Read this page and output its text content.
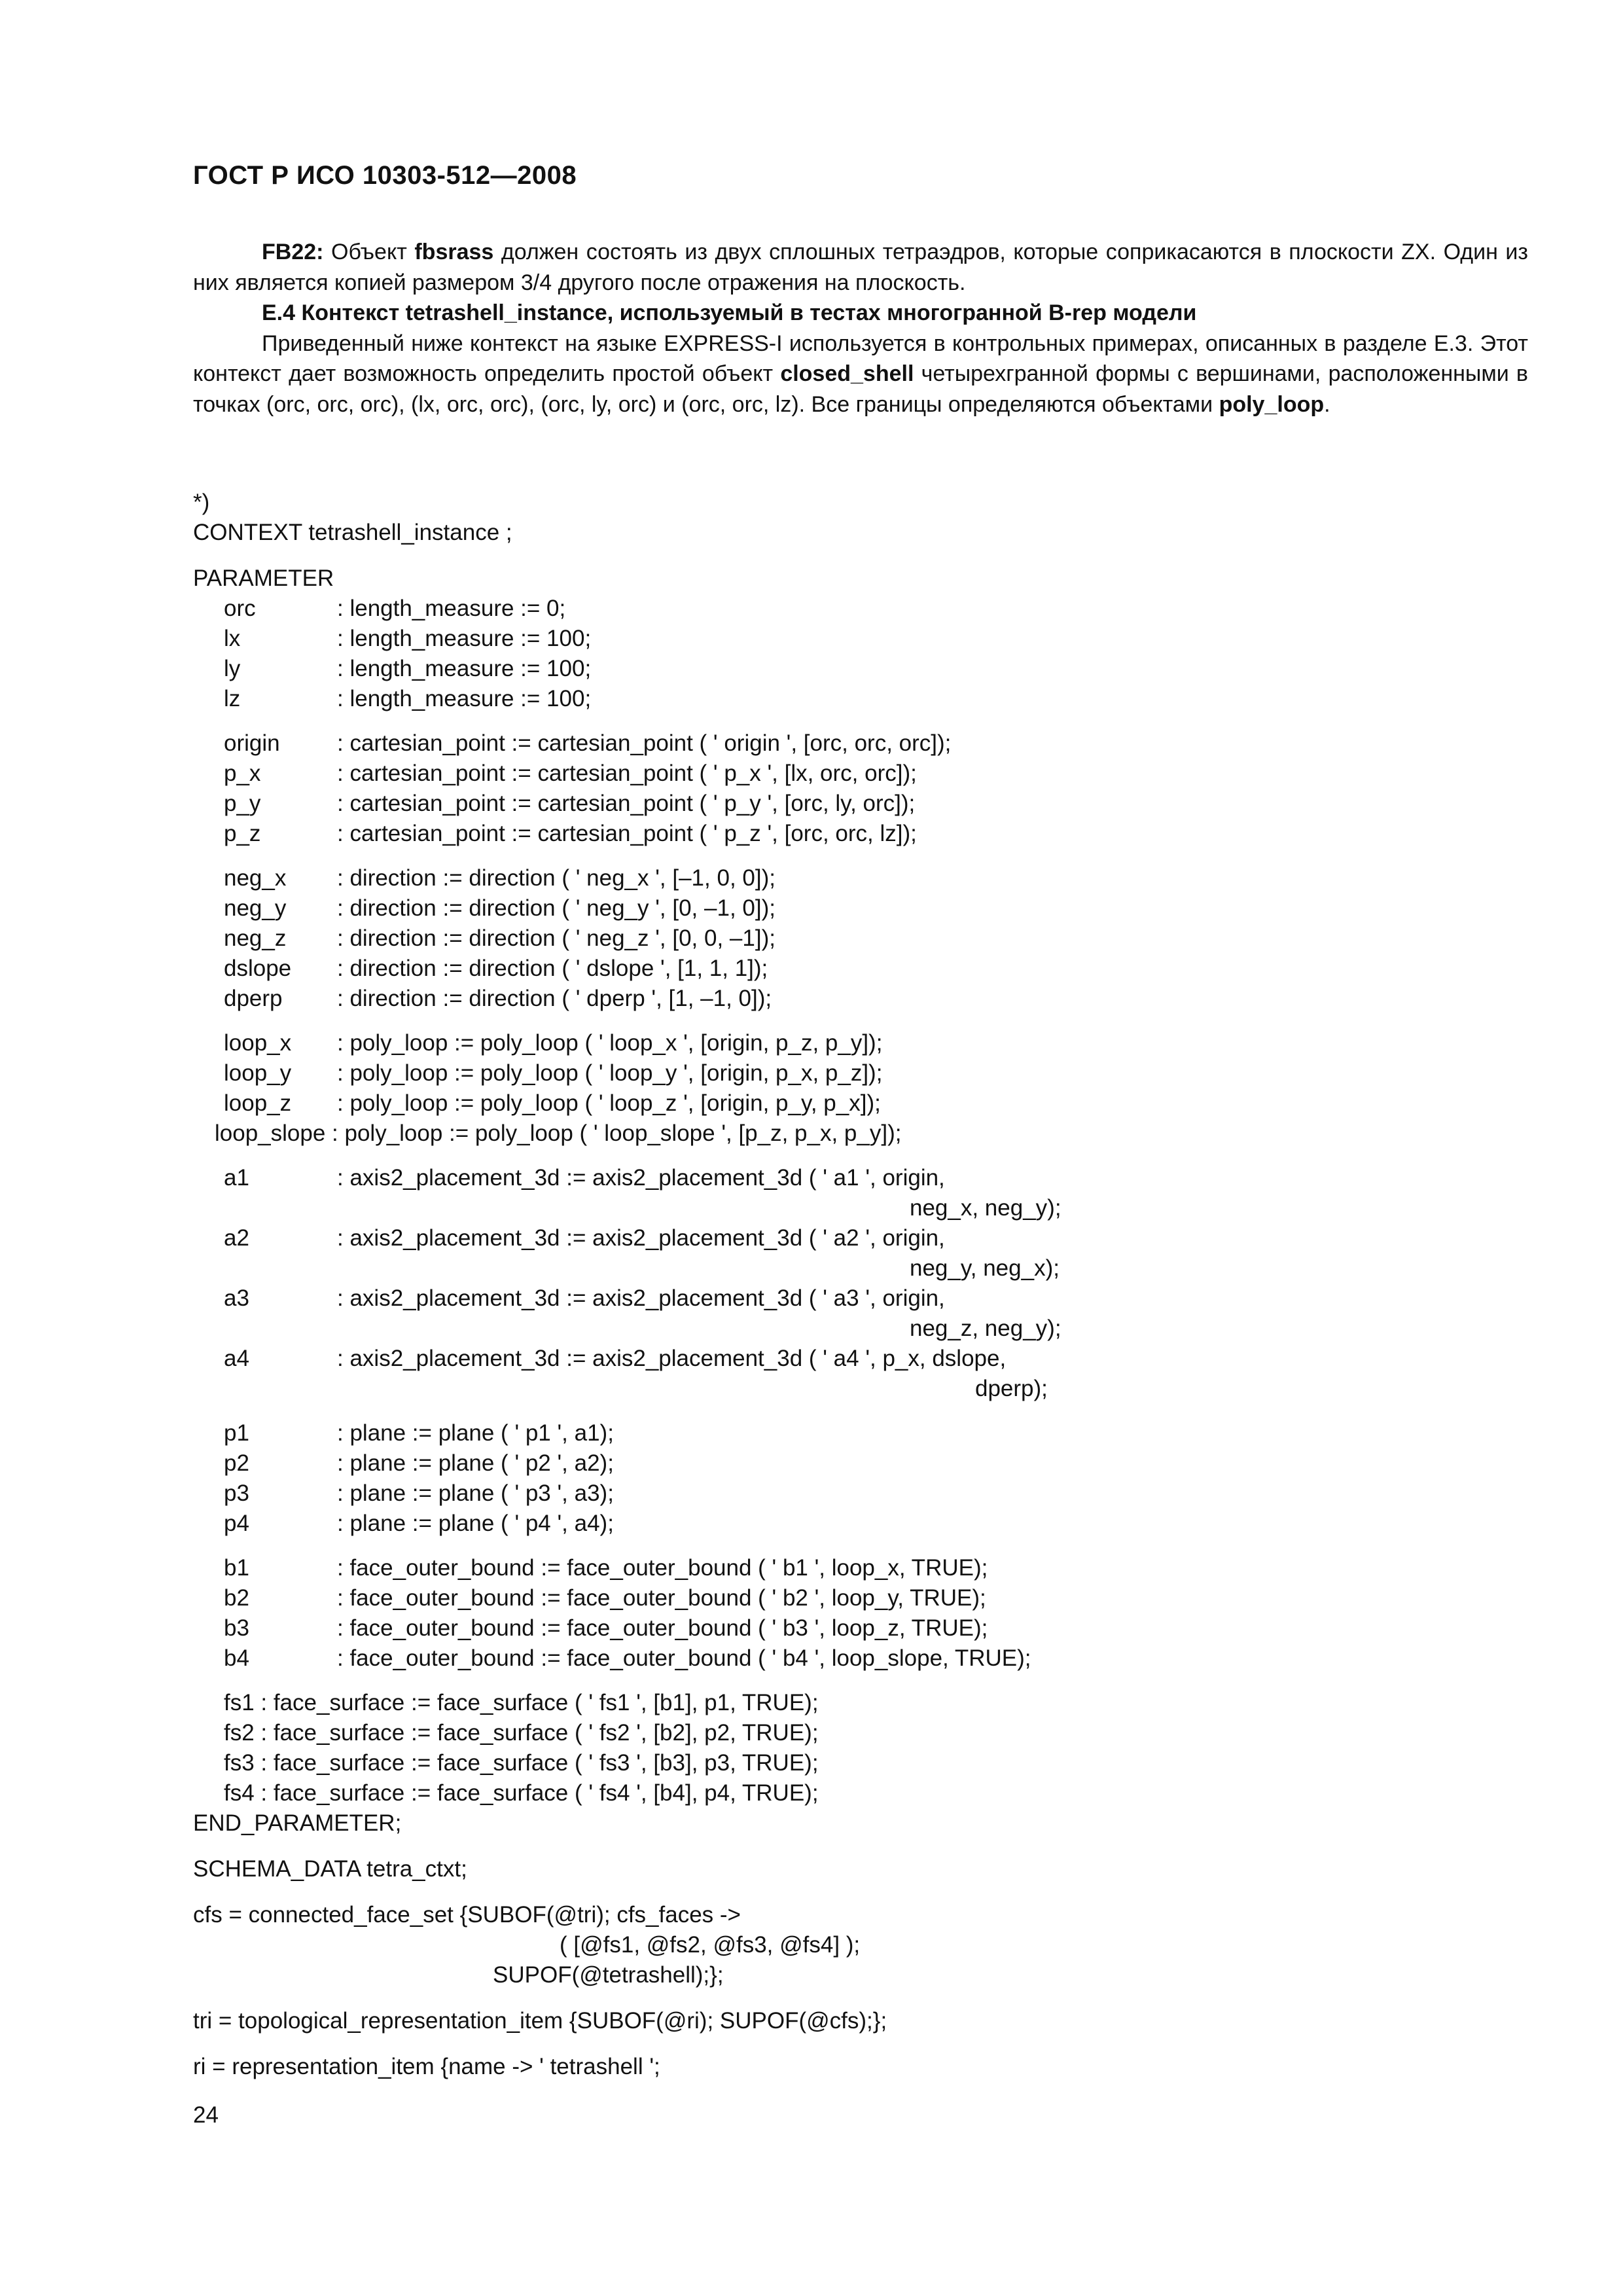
ГОСТ Р ИСО 10303-512—2008

FB22: Объект fbsrass должен состоять из двух сплошных тетраэдров, которые соприкасаются в плоскости ZX. Один из них является копией размером 3/4 другого после отражения на плоскость.

E.4 Контекст tetrashell_instance, используемый в тестах многогранной B-rep модели

Приведенный ниже контекст на языке EXPRESS-I используется в контрольных примерах, описанных в разделе E.3. Этот контекст дает возможность определить простой объект closed_shell четырехгранной формы с вершинами, расположенными в точках (orc, orc, orc), (lx, orc, orc), (orc, ly, orc) и (orc, orc, lz). Все границы определяются объектами poly_loop.

*)
CONTEXT tetrashell_instance ;
PARAMETER
orc	: length_measure := 0;
lx	: length_measure := 100;
ly	: length_measure := 100;
lz	: length_measure := 100;
origin : cartesian_point := cartesian_point ( ' origin ', [orc, orc, orc]);
p_x	: cartesian_point := cartesian_point ( ' p_x ', [lx, orc, orc]);
p_y	: cartesian_point := cartesian_point ( ' p_y ', [orc, ly, orc]);
p_z	: cartesian_point := cartesian_point ( ' p_z ', [orc, orc, lz]);
neg_x : direction := direction ( ' neg_x ', [–1, 0, 0]);
neg_y : direction := direction ( ' neg_y ', [0, –1, 0]);
neg_z : direction := direction ( ' neg_z ', [0, 0, –1]);
dslope : direction := direction ( ' dslope ', [1, 1, 1]);
dperp : direction := direction ( ' dperp ', [1, –1, 0]);
loop_x : poly_loop := poly_loop ( ' loop_x ', [origin, p_z, p_y]);
loop_y : poly_loop := poly_loop ( ' loop_y ', [origin, p_x, p_z]);
loop_z : poly_loop := poly_loop ( ' loop_z ', [origin, p_y, p_x]);
loop_slope : poly_loop := poly_loop ( ' loop_slope ', [p_z, p_x, p_y]);
a1	: axis2_placement_3d := axis2_placement_3d ( ' a1 ', origin,
neg_x, neg_y);
a2	: axis2_placement_3d := axis2_placement_3d ( ' a2 ', origin,
neg_y, neg_x);
a3	: axis2_placement_3d := axis2_placement_3d ( ' a3 ', origin,
neg_z, neg_y);
a4	: axis2_placement_3d := axis2_placement_3d ( ' a4 ', p_x, dslope,
dperp);
p1	: plane := plane ( ' p1 ', a1);
p2	: plane := plane ( ' p2 ', a2);
p3	: plane := plane ( ' p3 ', a3);
p4	: plane := plane ( ' p4 ', a4);
b1	: face_outer_bound := face_outer_bound ( ' b1 ', loop_x, TRUE);
b2	: face_outer_bound := face_outer_bound ( ' b2 ', loop_y, TRUE);
b3	: face_outer_bound := face_outer_bound ( ' b3 ', loop_z, TRUE);
b4	: face_outer_bound := face_outer_bound ( ' b4 ', loop_slope, TRUE);
fs1 : face_surface := face_surface ( ' fs1 ', [b1], p1, TRUE);
fs2 : face_surface := face_surface ( ' fs2 ', [b2], p2, TRUE);
fs3 : face_surface := face_surface ( ' fs3 ', [b3], p3, TRUE);
fs4 : face_surface := face_surface ( ' fs4 ', [b4], p4, TRUE);
END_PARAMETER;
SCHEMA_DATA tetra_ctxt;
cfs = connected_face_set {SUBOF(@tri); cfs_faces ->
( [@fs1, @fs2, @fs3, @fs4] );
SUPOF(@tetrashell);};
tri = topological_representation_item {SUBOF(@ri); SUPOF(@cfs);};
ri = representation_item {name -> ' tetrashell ';
24
